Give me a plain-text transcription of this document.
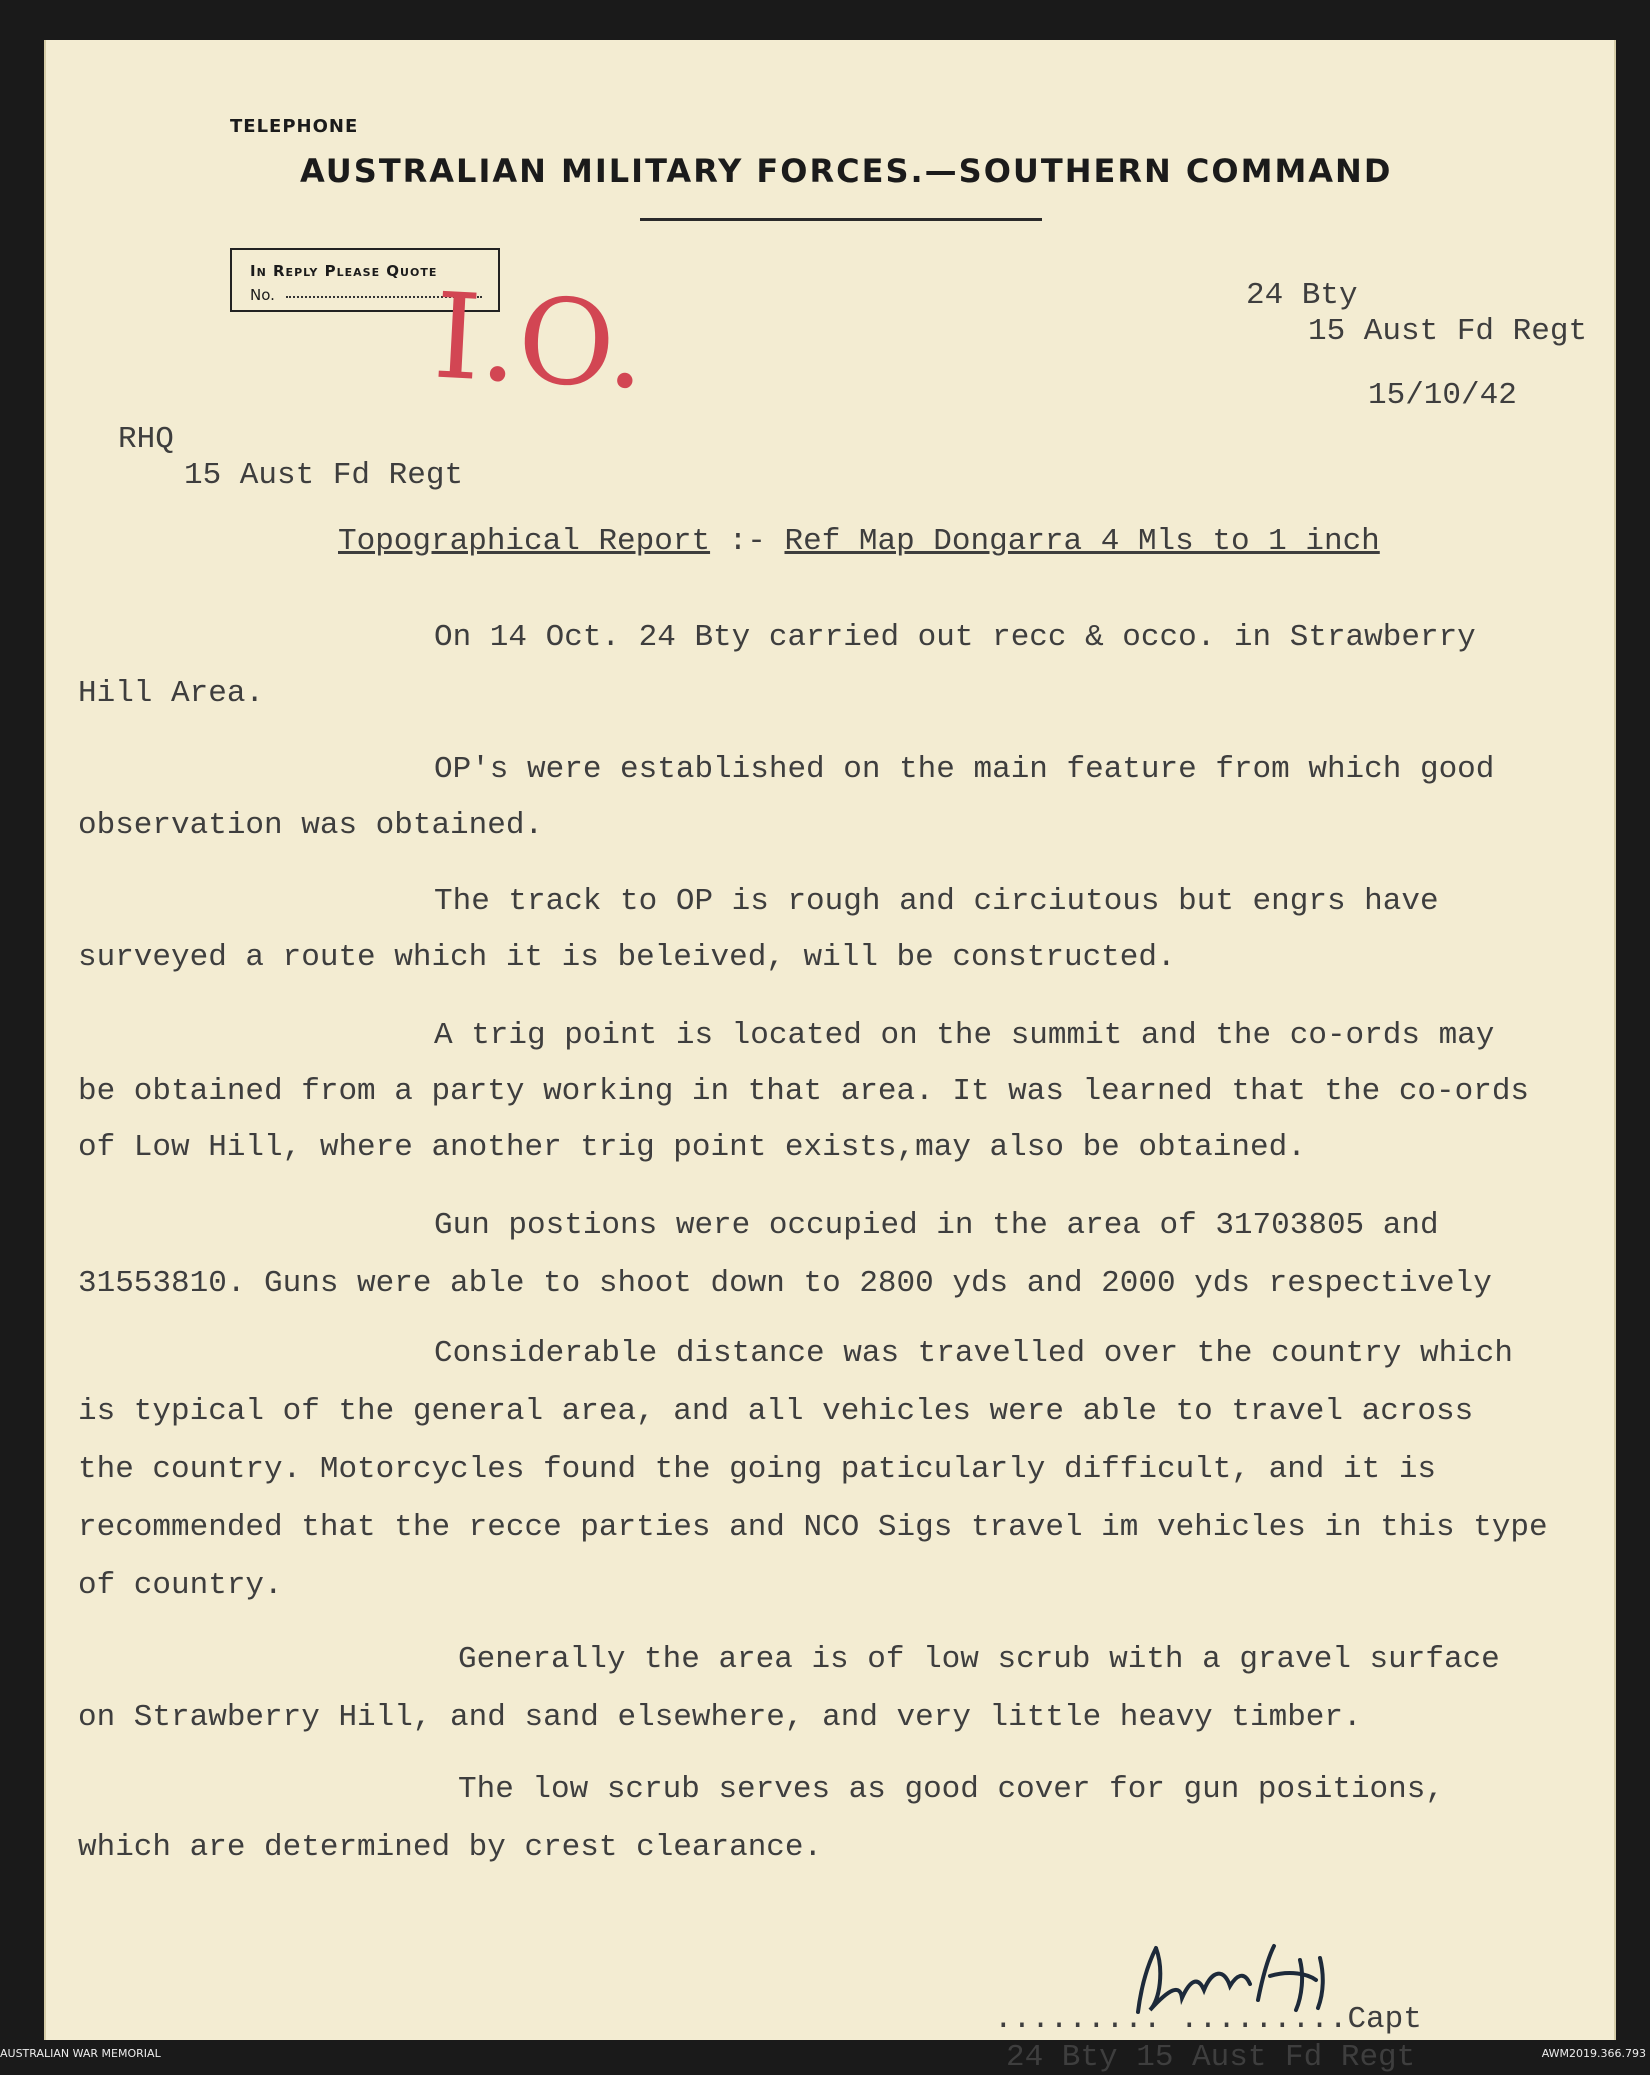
TELEPHONE
AUSTRALIAN MILITARY FORCES.—SOUTHERN COMMAND
In Reply Please Quote
No. I.O.	24 Bty
15 Aust Fd Regt
15/10/42
RHQ
15 Aust Fd Regt
Topographical Report :- Ref Map Dongarra 4 Mls to 1 inch
On 14 Oct. 24 Bty carried out recc & occo. in Strawberry
Hill Area.
OP's were established on the main feature from which good
observation was obtained.
The track to OP is rough and circiutous but engrs have
surveyed a route which it is beleived, will be constructed.
A trig point is located on the summit and the co-ords may
be obtained from a party working in that area. It was learned that the co-ords
of Low Hill, where another trig point exists,may also be obtained.
Gun postions were occupied in the area of 31703805 and
31553810. Guns were able to shoot down to 2800 yds and 2000 yds respectively
Considerable distance was travelled over the country which
is typical of the general area, and all vehicles were able to travel across
the country. Motorcycles found the going paticularly difficult, and it is
recommended that the recce parties and NCO Sigs travel im vehicles in this type
of country.
Generally the area is of low scrub with a gravel surface
on Strawberry Hill, and sand elsewhere, and very little heavy timber.
The low scrub serves as good cover for gun positions,
which are determined by crest clearance.
......... .........Capt
24 Bty 15 Aust Fd Regt
AUSTRALIAN WAR MEMORIAL	AWM2019.366.793
